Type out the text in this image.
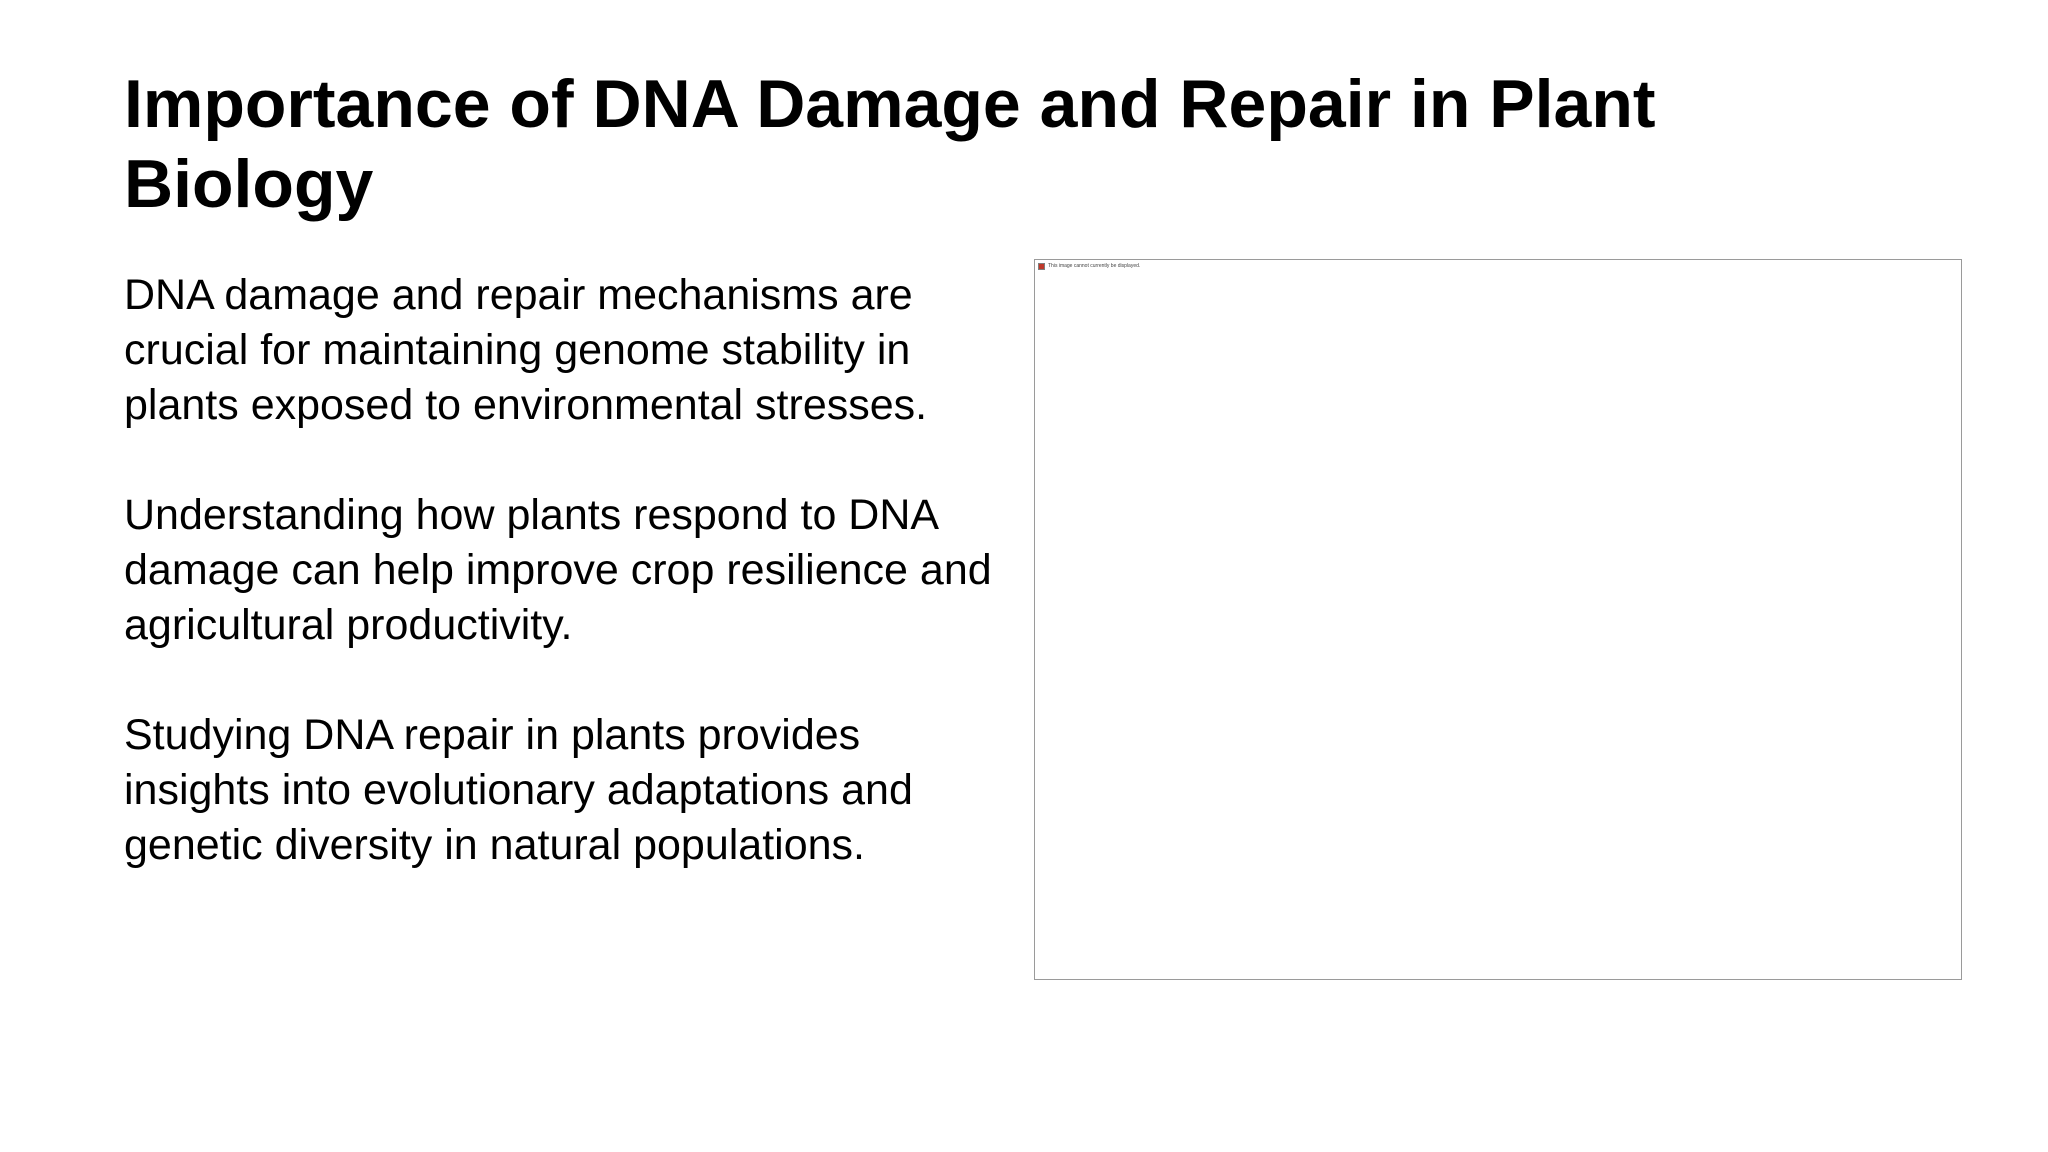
Importance of DNA Damage and Repair in Plant Biology

DNA damage and repair mechanisms are crucial for maintaining genome stability in plants exposed to environmental stresses.

Understanding how plants respond to DNA damage can help improve crop resilience and agricultural productivity.

Studying DNA repair in plants provides insights into evolutionary adaptations and genetic diversity in natural populations.

This image cannot currently be displayed.
